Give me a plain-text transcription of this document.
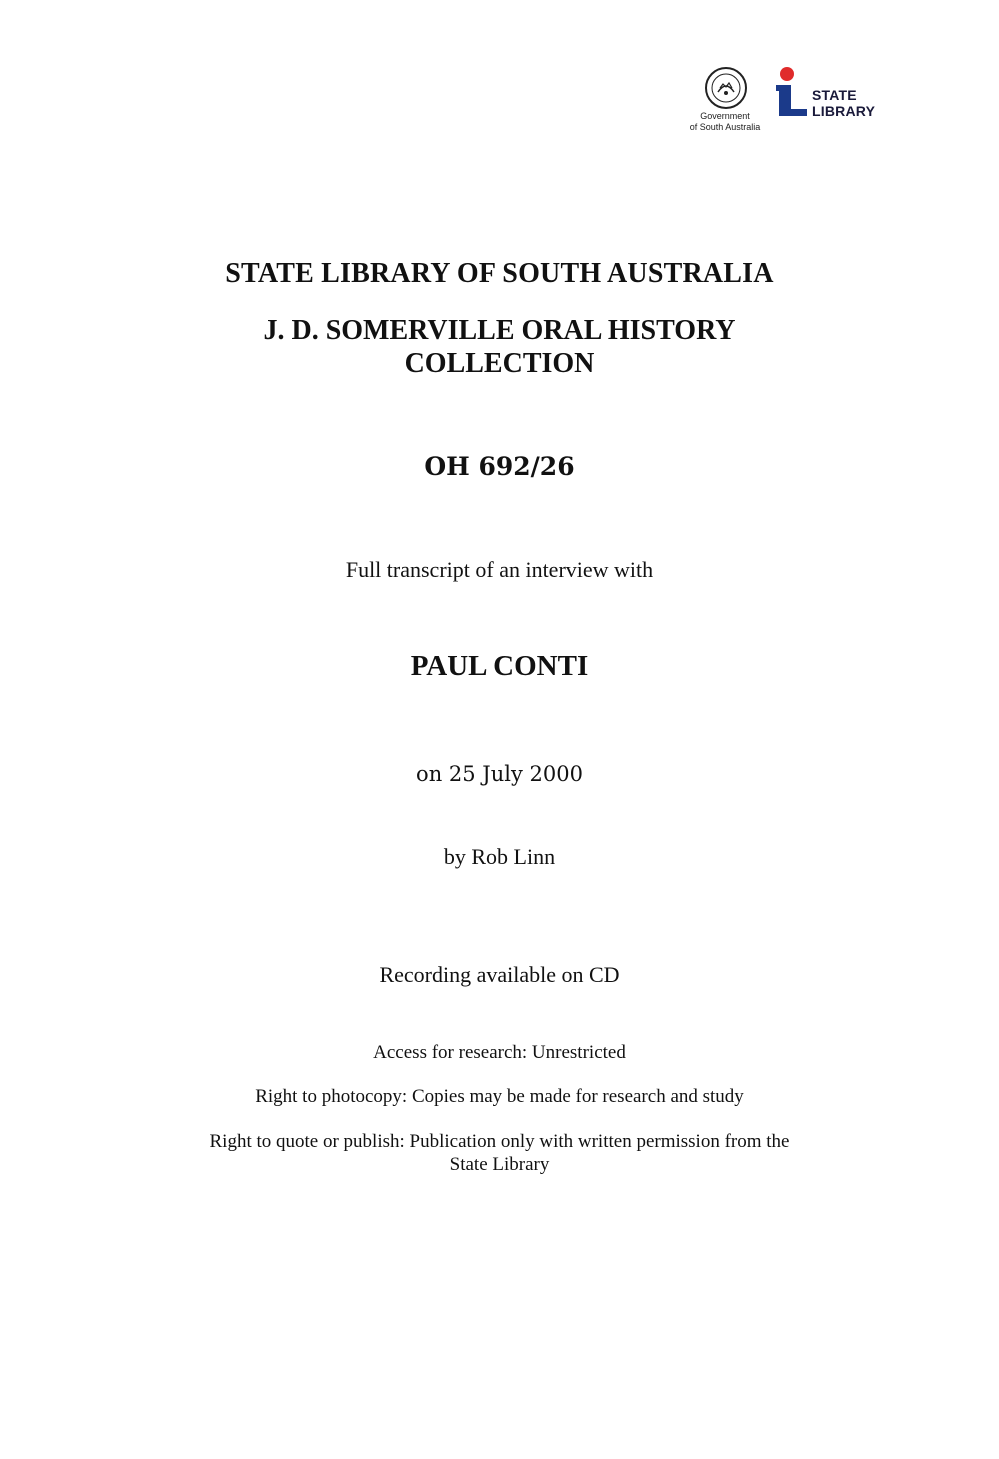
Government
of South Australia
STATE
LIBRARY
STATE LIBRARY OF SOUTH AUSTRALIA
J. D. SOMERVILLE ORAL HISTORY
COLLECTION
OH 692/26
Full transcript of an interview with
PAUL CONTI
on 25 July 2000
by Rob Linn
Recording available on CD
Access for research: Unrestricted
Right to photocopy: Copies may be made for research and study
Right to quote or publish: Publication only with written permission from the
State Library
